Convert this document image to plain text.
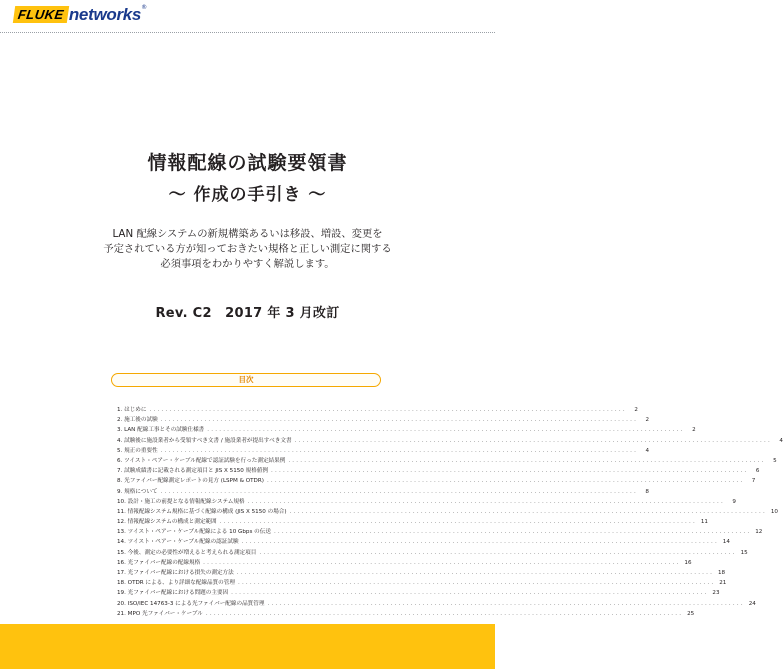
FLUKE networks®
情報配線の試験要領書
～ 作成の手引き ～
LAN 配線システムの新規構築あるいは移設、増設、変更を
予定されている方が知っておきたい規格と正しい測定に関する
必須事項をわかりやすく解説します。
Rev. C2　2017 年 3 月改訂
目次
1. はじめに ........................................................................................................................	2
2. 施工後の試験 ........................................................................................................................	2
3. LAN 配線工事とその試験仕様書 ........................................................................................................................	2
4. 試験後に施設業者から受領すべき文書 / 施設業者が提出すべき文書 ........................................................................................................................	4
5. 規正の重要性 ........................................................................................................................	4
6. ツイスト・ペアー・ケーブル配線で認証試験を行った測定結果例 ........................................................................................................................	5
7. 試験成績書に記載される測定項目と JIS X 5150 規格値例 ........................................................................................................................	6
8. 光ファイバー配線測定レポートの見方 (LSPM & OTDR) ........................................................................................................................	7
9. 規格について ........................................................................................................................	8
10. 設計・施工の前提となる情報配線システム規格 ........................................................................................................................	9
11. 情報配線システム規格に基づく配線の構成 (JIS X 5150 の場合) ........................................................................................................................ 10
12. 情報配線システムの構成と測定範囲 ........................................................................................................................ 11
13. ツイスト・ペアー・ケーブル配線による 10 Gbps の伝送 ........................................................................................................................ 12
14. ツイスト・ペアー・ケーブル配線の認証試験 ........................................................................................................................ 14
15. 今後、測定の必要性が増えると考えられる測定項目 ........................................................................................................................ 15
16. 光ファイバー配線の配線規格 ........................................................................................................................ 16
17. 光ファイバー配線における損失の測定方法 ........................................................................................................................ 18
18. OTDR による、より詳細な配線品質の管理 ........................................................................................................................ 21
19. 光ファイバー配線における問題の主要因 ........................................................................................................................ 23
20. ISO/IEC 14763-3 による光ファイバー配線の品質管理 ........................................................................................................................ 24
21. MPO 光ファイバー・ケーブル ........................................................................................................................ 25
